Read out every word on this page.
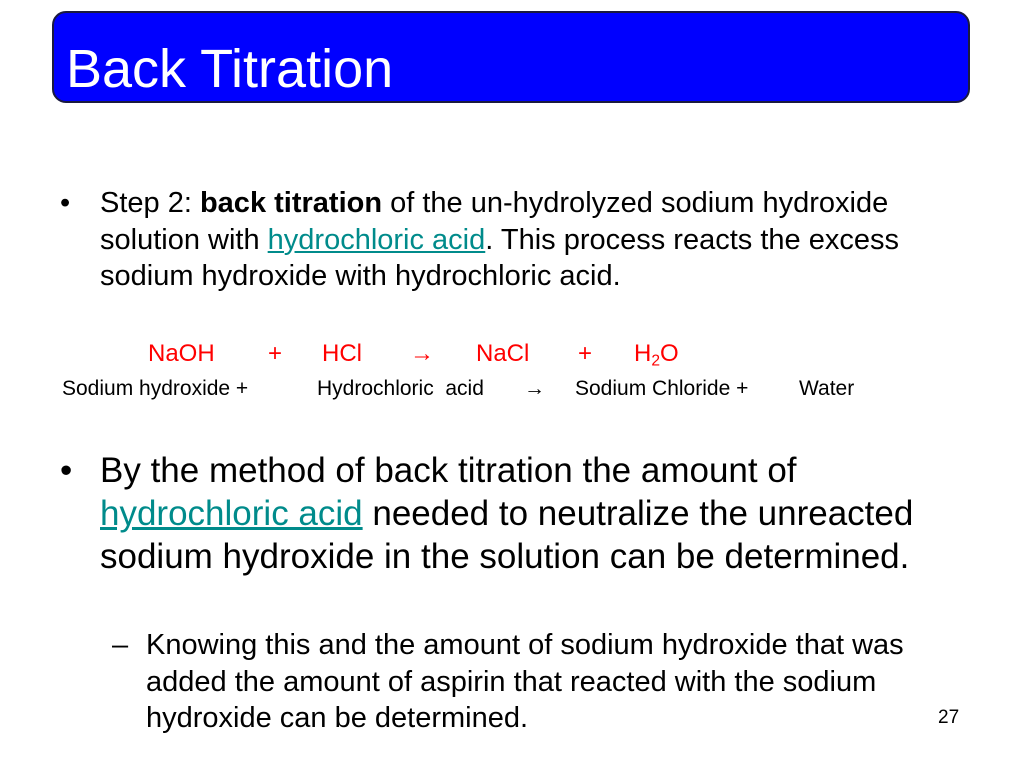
Back Titration
• Step 2: back titration of the un-hydrolyzed sodium hydroxide solution with hydrochloric acid. This process reacts the excess sodium hydroxide with hydrochloric acid.
NaOH + HCl → NaCl + $H_2O$
Sodium hydroxide +	Hydrochloric  acid → Sodium Chloride + Water
• By the method of back titration the amount of hydrochloric acid needed to neutralize the unreacted sodium hydroxide in the solution can be determined.
– Knowing this and the amount of sodium hydroxide that was added the amount of aspirin that reacted with the sodium hydroxide can be determined.	27
